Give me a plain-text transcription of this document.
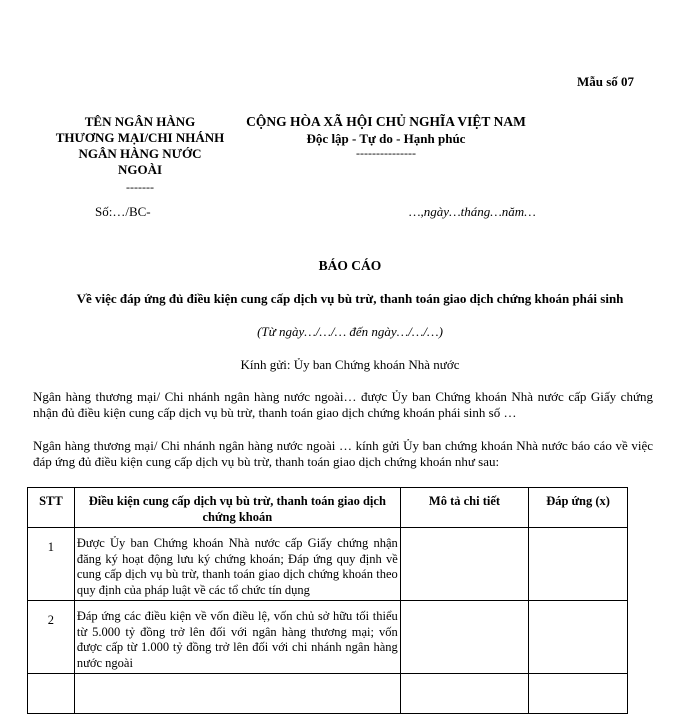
Mẫu số 07
TÊN NGÂN HÀNG
THƯƠNG MẠI/CHI NHÁNH
NGÂN HÀNG NƯỚC
NGOÀI
-------
CỘNG HÒA XÃ HỘI CHỦ NGHĨA VIỆT NAM
Độc lập - Tự do - Hạnh phúc
---------------
Số:…/BC-	…,ngày…tháng…năm…
BÁO CÁO
Về việc đáp ứng đủ điều kiện cung cấp dịch vụ bù trừ, thanh toán giao dịch chứng khoán phái sinh
(Từ ngày…/…/… đến ngày…/…/…)
Kính gửi: Ủy ban Chứng khoán Nhà nước
Ngân hàng thương mại/ Chi nhánh ngân hàng nước ngoài… được Ủy ban Chứng khoán Nhà nước cấp Giấy chứng nhận đủ điều kiện cung cấp dịch vụ bù trừ, thanh toán giao dịch chứng khoán phái sinh số …
Ngân hàng thương mại/ Chi nhánh ngân hàng nước ngoài … kính gửi Ủy ban chứng khoán Nhà nước báo cáo về việc đáp ứng đủ điều kiện cung cấp dịch vụ bù trừ, thanh toán giao dịch chứng khoán như sau:
STT	Điều kiện cung cấp dịch vụ bù trừ, thanh toán giao dịch chứng khoán	Mô tả chi tiết	Đáp ứng (x)
1	Được Ủy ban Chứng khoán Nhà nước cấp Giấy chứng nhận đăng ký hoạt động lưu ký chứng khoán; Đáp ứng quy định về cung cấp dịch vụ bù trừ, thanh toán giao dịch chứng khoán theo quy định của pháp luật về các tổ chức tín dụng		
2	Đáp ứng các điều kiện về vốn điều lệ, vốn chủ sở hữu tối thiểu từ 5.000 tỷ đồng trở lên đối với ngân hàng thương mại; vốn được cấp từ 1.000 tỷ đồng trở lên đối với chi nhánh ngân hàng nước ngoài		
